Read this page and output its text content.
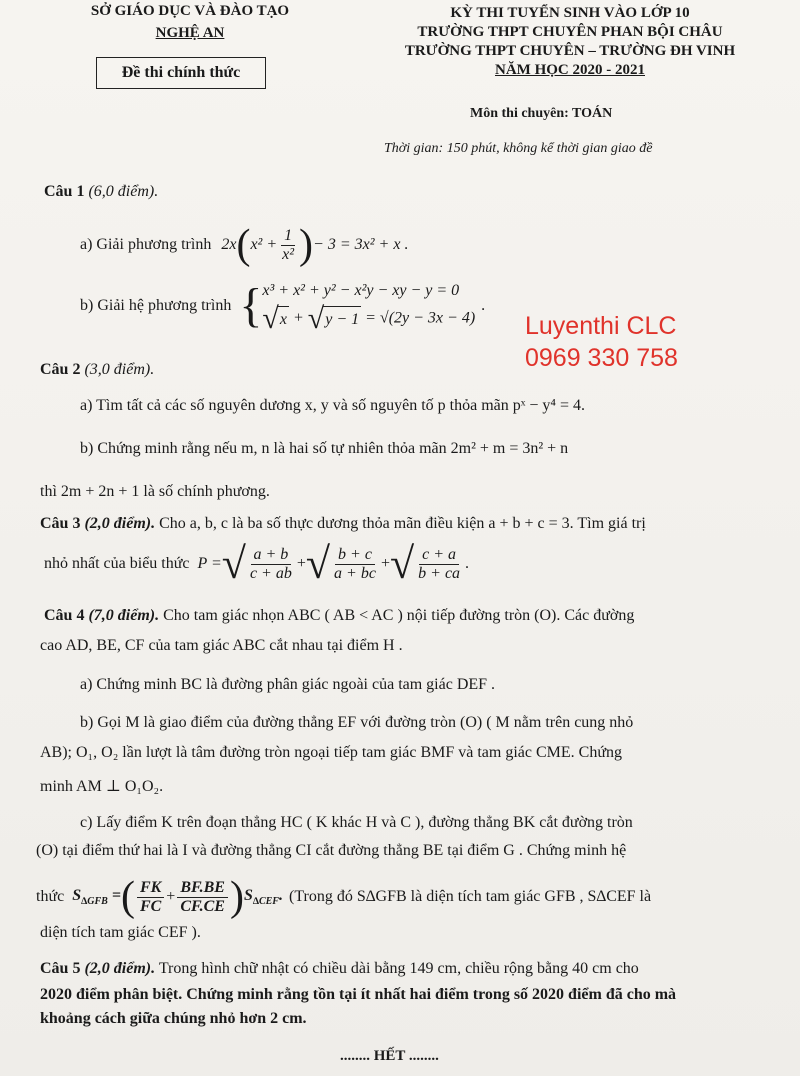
SỞ GIÁO DỤC VÀ ĐÀO TẠO
NGHỆ AN
Đề thi chính thức
KỲ THI TUYỂN SINH VÀO LỚP 10
TRƯỜNG THPT CHUYÊN PHAN BỘI CHÂU
TRƯỜNG THPT CHUYÊN – TRƯỜNG ĐH VINH
NĂM HỌC 2020 - 2021
Môn thi chuyên: TOÁN
Thời gian: 150 phút, không kể thời gian giao đề
Câu 1 (6,0 điểm).
a) Giải phương trình 2x ( $x^2 + \frac{1}{\text{x²}}$ ) − 3 = 3x² + x .
b) Giải hệ phương trình { x³ + x² + y² − x²y − xy − y = 0
√ x + √ y − 1 = √(2y − 3x − 4)
.
Luyenthi CLC
0969 330 758
Câu 2 (3,0 điểm).
a) Tìm tất cả các số nguyên dương x, y và số nguyên tố p thỏa mãn pˣ − y⁴ = 4.
b) Chứng minh rằng nếu m, n là hai số tự nhiên thỏa mãn 2m² + m = 3n² + n
thì 2m + 2n + 1 là số chính phương.
Câu 3 (2,0 điểm). Cho a, b, c là ba số thực dương thỏa mãn điều kiện a + b + c = 3. Tìm giá trị
nhỏ nhất của biểu thức P = √ $\frac{a + b}{c + ab}$ + √ $\frac{b + c}{a + bc}$ + √ $\frac{c + a}{b + ca}$ .
Câu 4 (7,0 điểm). Cho tam giác nhọn ABC ( AB < AC ) nội tiếp đường tròn (O). Các đường
cao AD, BE, CF của tam giác ABC cắt nhau tại điểm H .
a) Chứng minh BC là đường phân giác ngoài của tam giác DEF .
b) Gọi M là giao điểm của đường thẳng EF với đường tròn (O) ( M nằm trên cung nhỏ
AB); O₁, O₂ lần lượt là tâm đường tròn ngoại tiếp tam giác BMF và tam giác CME. Chứng
minh AM ⊥ O₁O₂.
c) Lấy điểm K trên đoạn thẳng HC ( K khác H và C ), đường thẳng BK cắt đường tròn
(O) tại điểm thứ hai là I và đường thẳng CI cắt đường thẳng BE tại điểm G . Chứng minh hệ
thức $S_{\Delta GFB}$ = ( $\frac{FK}{FC} + \frac{BF.BE}{CF.CE}$ ) $S_{\Delta CEF}$. (Trong đó S∆GFB là diện tích tam giác GFB , S∆CEF là
diện tích tam giác CEF ).
Câu 5 (2,0 điểm). Trong hình chữ nhật có chiều dài bằng 149 cm, chiều rộng bằng 40 cm cho
2020 điểm phân biệt. Chứng minh rằng tồn tại ít nhất hai điểm trong số 2020 điểm đã cho mà
khoảng cách giữa chúng nhỏ hơn 2 cm.
........ HẾT ........
